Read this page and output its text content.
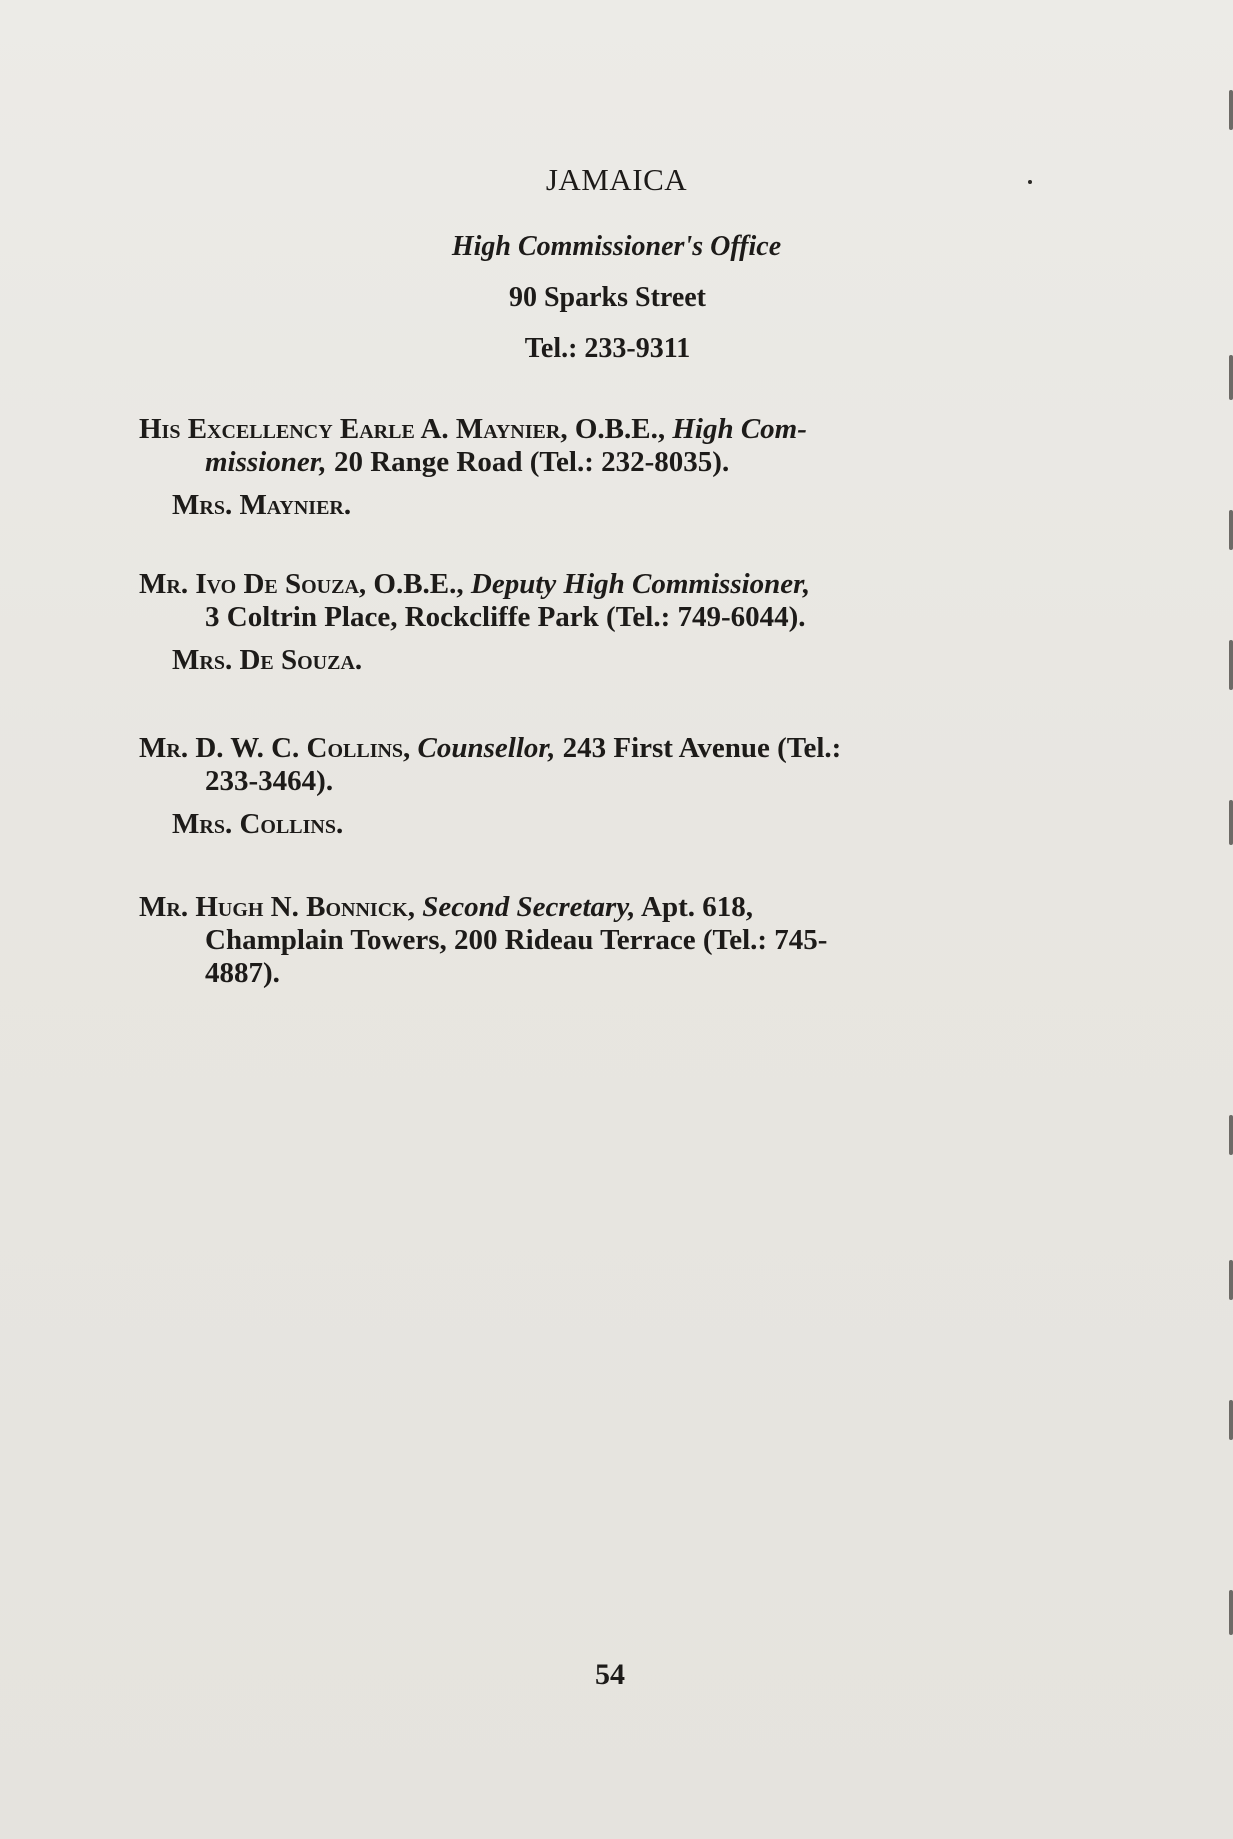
JAMAICA
High Commissioner's Office
90 Sparks Street
Tel.: 233-9311
His Excellency Earle A. Maynier, O.B.E., High Com-
missioner, 20 Range Road (Tel.: 232-8035).
Mrs. Maynier.
Mr. Ivo De Souza, O.B.E., Deputy High Commissioner,
3 Coltrin Place, Rockcliffe Park (Tel.: 749-6044).
Mrs. De Souza.
Mr. D. W. C. Collins, Counsellor, 243 First Avenue (Tel.:
233-3464).
Mrs. Collins.
Mr. Hugh N. Bonnick, Second Secretary, Apt. 618,
Champlain Towers, 200 Rideau Terrace (Tel.: 745-
4887).
54
